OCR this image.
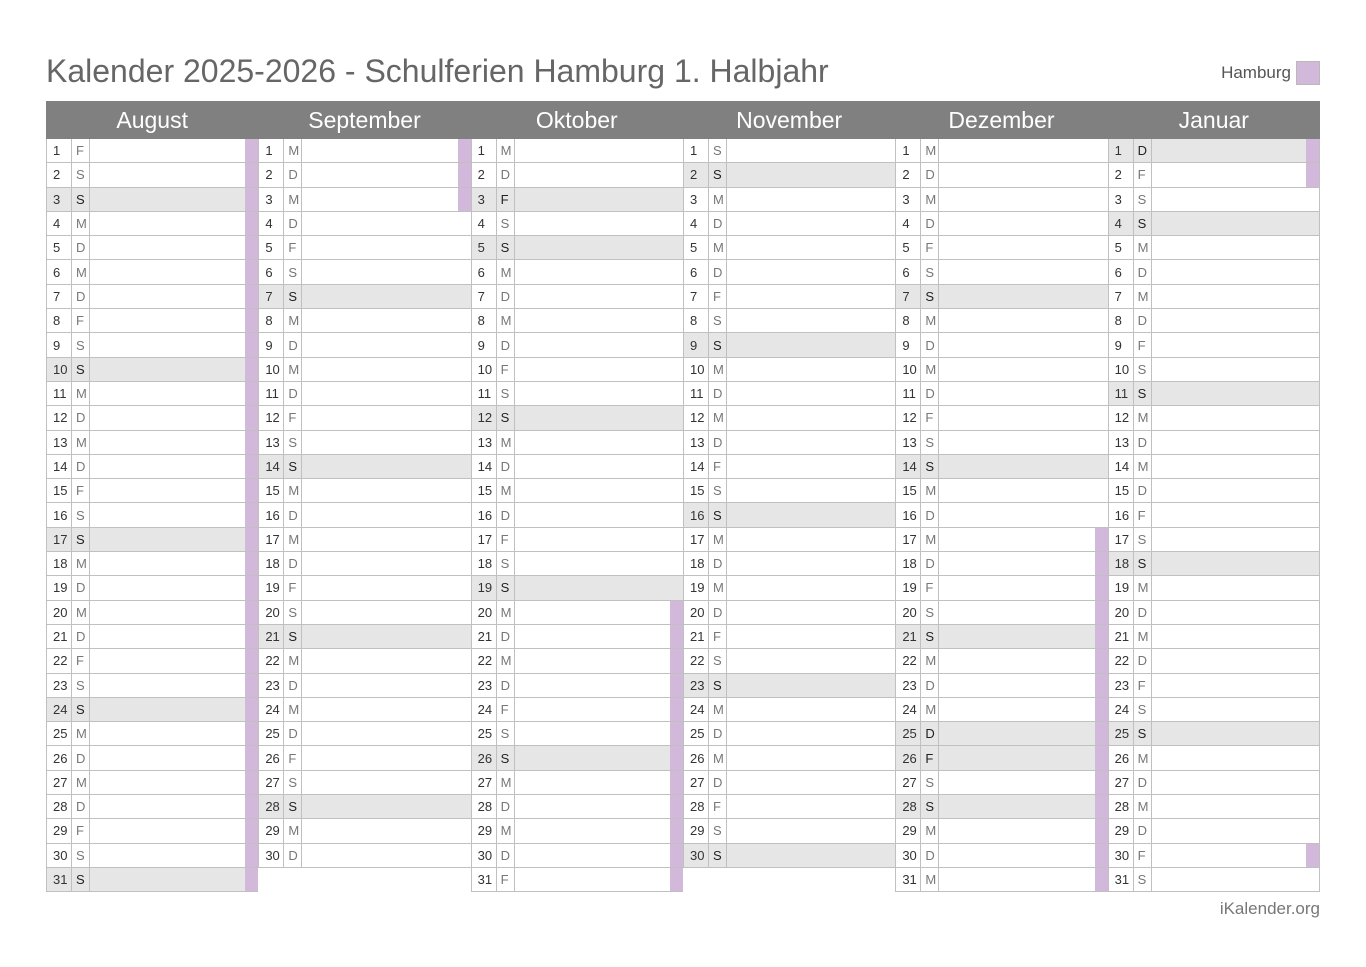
Kalender 2025-2026 - Schulferien Hamburg 1. Halbjahr	Hamburg
August
1	F
2	S
3	S
4	M
5	D
6	M
7	D
8	F
9	S
10 S
11 M
12 D
13 M
14 D
15 F
16 S
17 S
18 M
19 D
20 M
21 D
22 F
23 S
24 S
25 M
26 D
27 M
28 D
29 F
30 S
31 S
September
1	M
2	D
3	M
4	D
5	F
6	S
7	S
8	M
9	D
10 M
11 D
12 F
13 S
14 S
15 M
16 D
17 M
18 D
19 F
20 S
21 S
22 M
23 D
24 M
25 D
26 F
27 S
28 S
29 M
30 D
Oktober
1	M
2	D
3	F
4	S
5	S
6	M
7	D
8	M
9	D
10 F
11 S
12 S
13 M
14 D
15 M
16 D
17 F
18 S
19 S
20 M
21 D
22 M
23 D
24 F
25 S
26 S
27 M
28 D
29 M
30 D
31 F
November
1	S
2	S
3	M
4	D
5	M
6	D
7	F
8	S
9	S
10 M
11 D
12 M
13 D
14 F
15 S
16 S
17 M
18 D
19 M
20 D
21 F
22 S
23 S
24 M
25 D
26 M
27 D
28 F
29 S
30 S
Dezember
1	M
2	D
3	M
4	D
5	F
6	S
7	S
8	M
9	D
10 M
11 D
12 F
13 S
14 S
15 M
16 D
17 M
18 D
19 F
20 S
21 S
22 M
23 D
24 M
25 D
26 F
27 S
28 S
29 M
30 D
31 M
Januar
1	D
2	F
3	S
4	S
5	M
6	D
7	M
8	D
9	F
10 S
11 S
12 M
13 D
14 M
15 D
16 F
17 S
18 S
19 M
20 D
21 M
22 D
23 F
24 S
25 S
26 M
27 D
28 M
29 D
30 F
31 S
iKalender.org
